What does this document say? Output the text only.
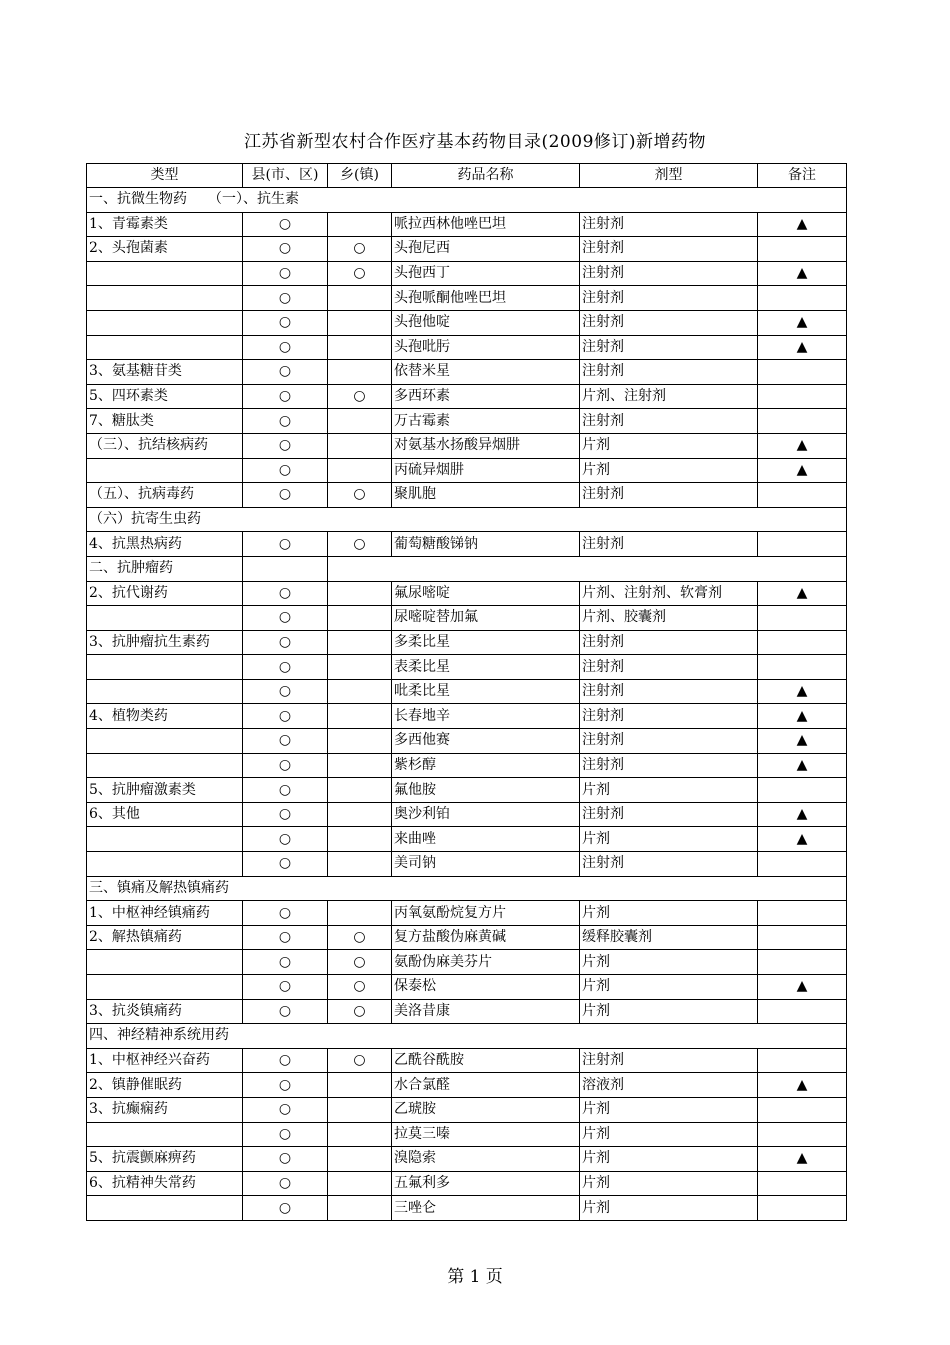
江苏省新型农村合作医疗基本药物目录(2009修订)新增药物
类型	县(市、区)	乡(镇)	药品名称	剂型	备注
一、抗微生物药　　（一）、抗生素					
1、青霉素类	○		哌拉西林他唑巴坦	注射剂	▲
2、头孢菌素	○	○	头孢尼西	注射剂	
	○	○	头孢西丁	注射剂	▲
	○		头孢哌酮他唑巴坦	注射剂	
	○		头孢他啶	注射剂	▲
	○		头孢吡肟	注射剂	▲
3、氨基糖苷类	○		依替米星	注射剂	
5、四环素类	○	○	多西环素	片剂、注射剂	
7、糖肽类	○		万古霉素	注射剂	
（三）、抗结核病药	○		对氨基水扬酸异烟肼	片剂	▲
	○		丙硫异烟肼	片剂	▲
（五）、抗病毒药	○	○	聚肌胞	注射剂	
（六）抗寄生虫药					
4、抗黑热病药	○	○	葡萄糖酸锑钠	注射剂	
二、抗肿瘤药					
2、抗代谢药	○		氟尿嘧啶	片剂、注射剂、软膏剂	▲
	○		尿嘧啶替加氟	片剂、胶囊剂	
3、抗肿瘤抗生素药	○		多柔比星	注射剂	
	○		表柔比星	注射剂	
	○		吡柔比星	注射剂	▲
4、植物类药	○		长春地辛	注射剂	▲
	○		多西他赛	注射剂	▲
	○		紫杉醇	注射剂	▲
5、抗肿瘤激素类	○		氟他胺	片剂	
6、其他	○		奥沙利铂	注射剂	▲
	○		来曲唑	片剂	▲
	○		美司钠	注射剂	
三、镇痛及解热镇痛药					
1、中枢神经镇痛药	○		丙氧氨酚烷复方片	片剂	
2、解热镇痛药	○	○	复方盐酸伪麻黄碱	缓释胶囊剂	
	○	○	氨酚伪麻美芬片	片剂	
	○	○	保泰松	片剂	▲
3、抗炎镇痛药	○	○	美洛昔康	片剂	
四、神经精神系统用药					
1、中枢神经兴奋药	○	○	乙酰谷酰胺	注射剂	
2、镇静催眠药	○		水合氯醛	溶液剂	▲
3、抗癫痫药	○		乙琥胺	片剂	
	○		拉莫三嗪	片剂	
5、抗震颤麻痹药	○		溴隐索	片剂	▲
6、抗精神失常药	○		五氟利多	片剂	
	○		三唑仑	片剂	
第 1 页
